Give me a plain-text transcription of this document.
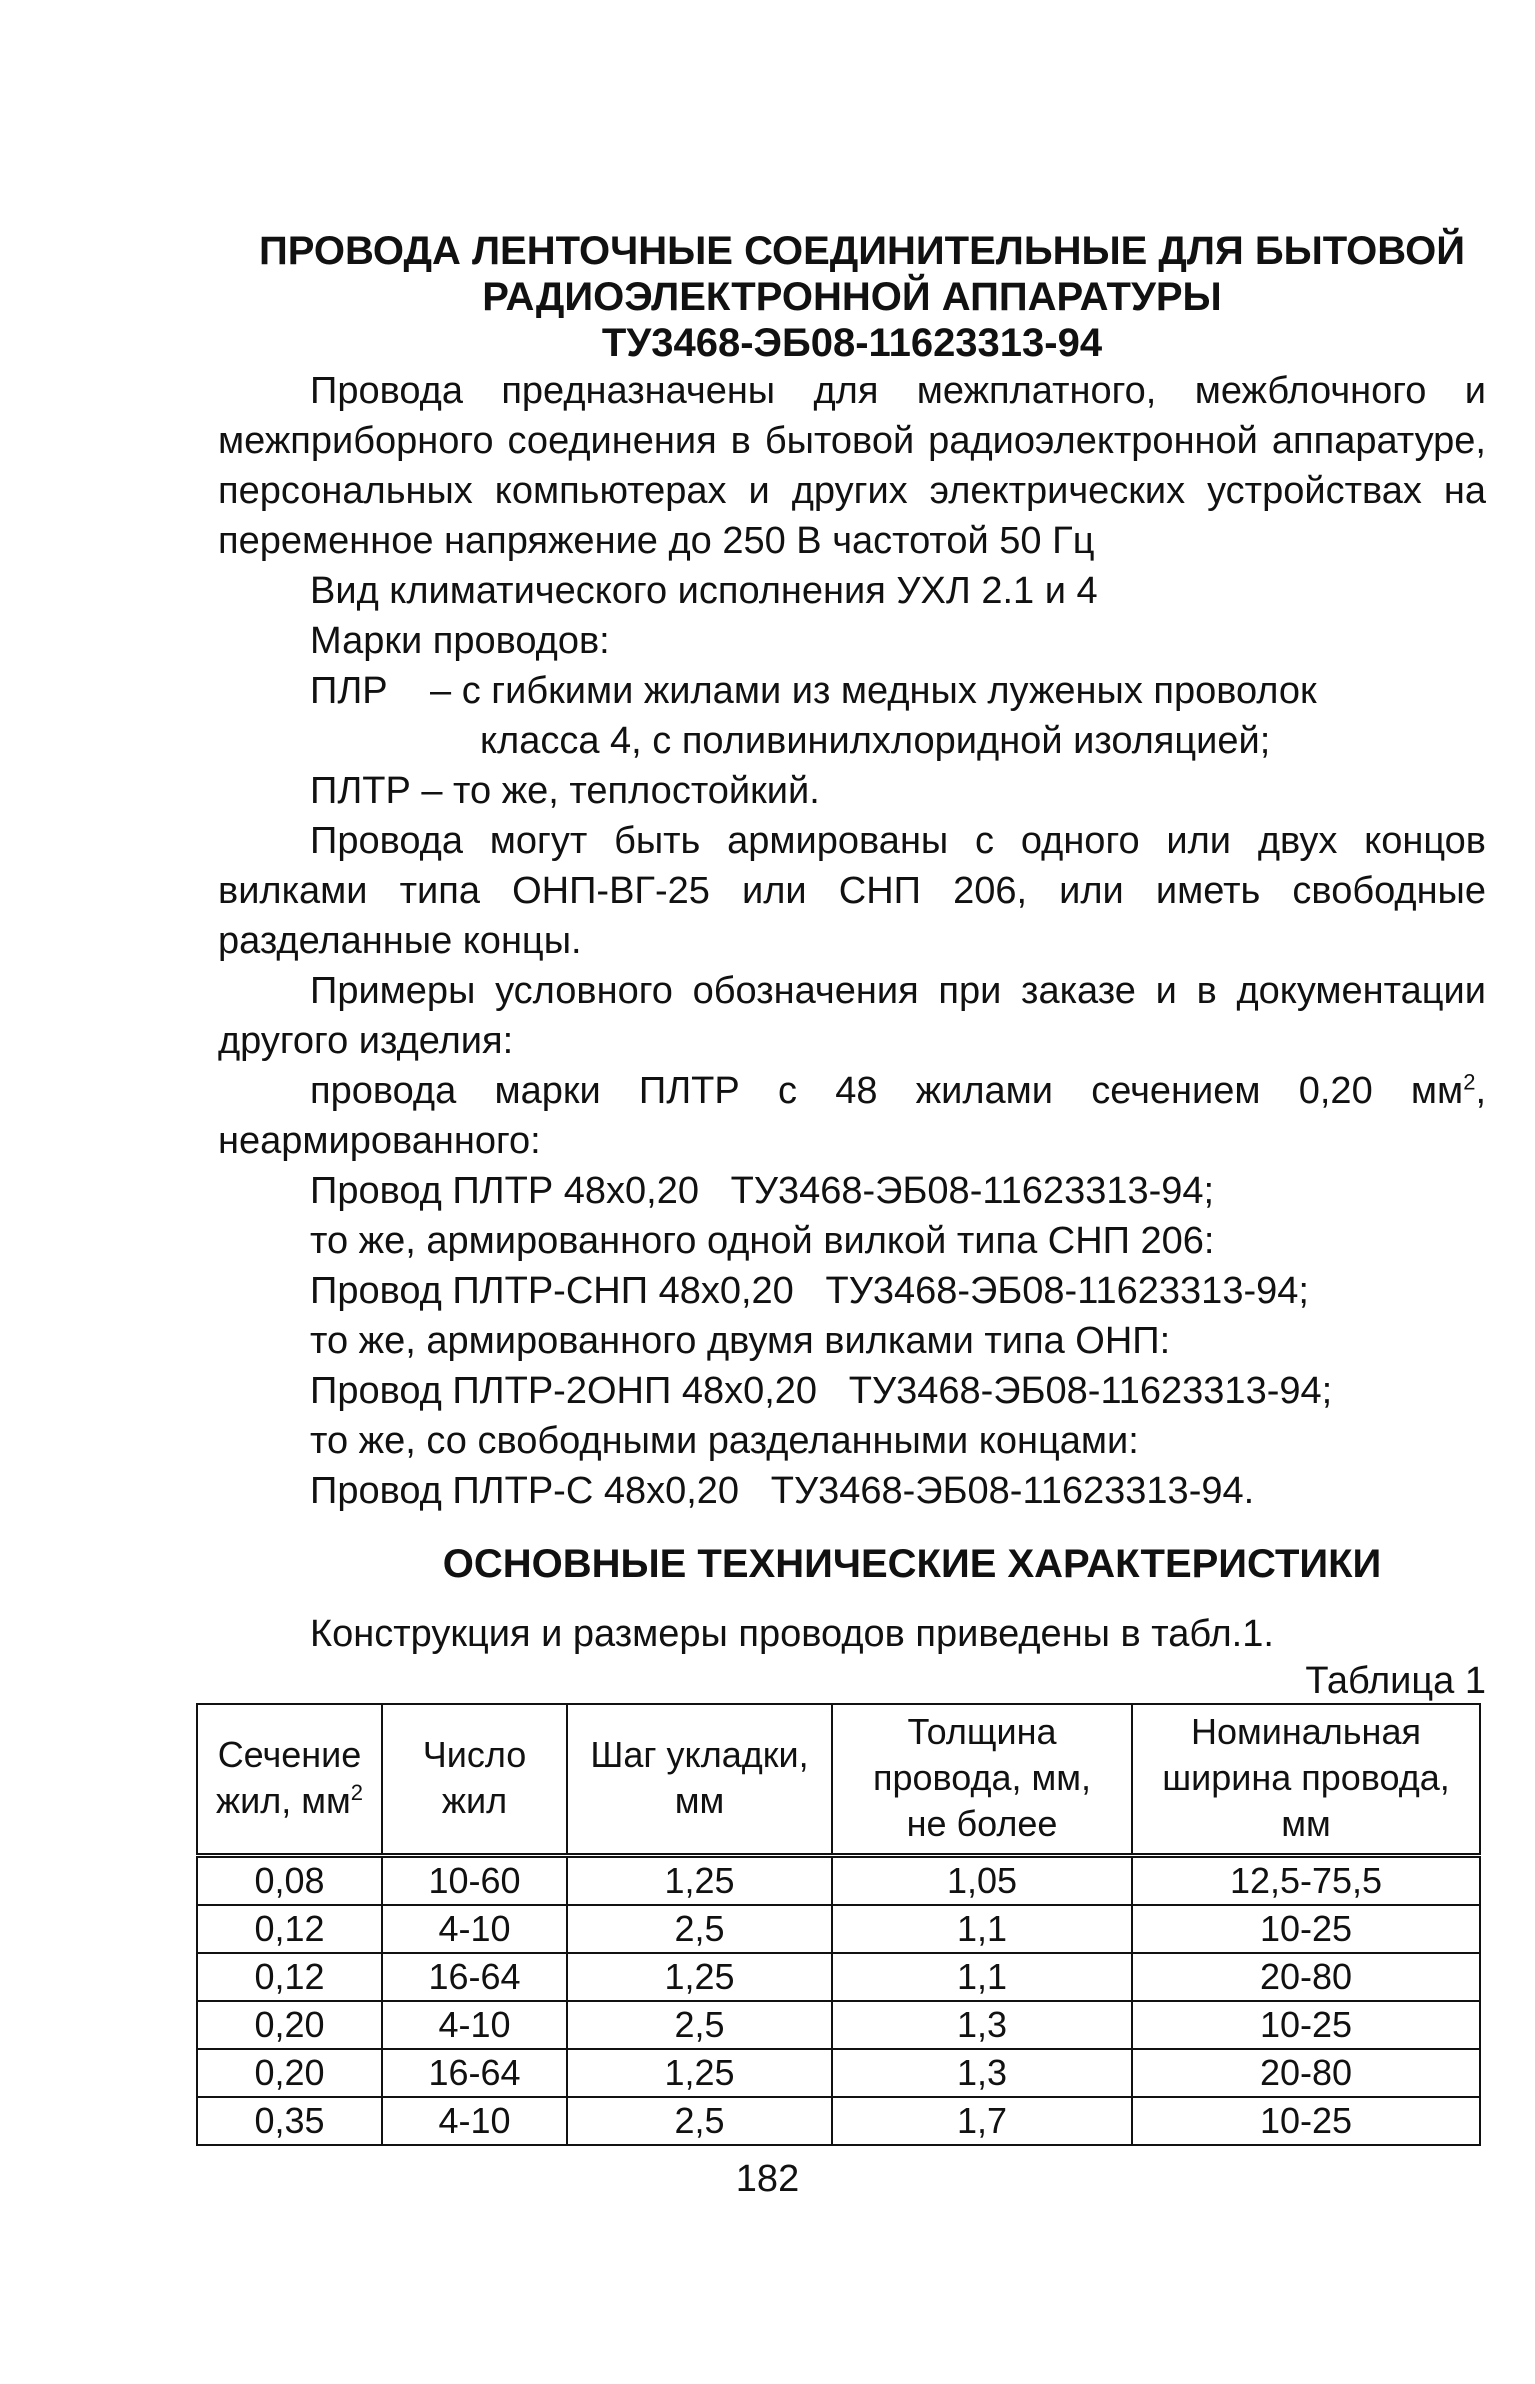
ПРОВОДА ЛЕНТОЧНЫЕ СОЕДИНИТЕЛЬНЫЕ ДЛЯ БЫТОВОЙ
РАДИОЭЛЕКТРОННОЙ АППАРАТУРЫ
ТУ3468-ЭБ08-11623313-94

Провода предназначены для межплатного, межблочного и межприборного соединения в бытовой радиоэлектронной аппаратуре, персональных компьютерах и других электрических устройствах на переменное напряжение до 250 В частотой 50 Гц

Вид климатического исполнения УХЛ 2.1 и 4

Марки проводов:

ПЛР	– с гибкими жилами из медных луженых проволок

класса 4, с поливинилхлоридной изоляцией;

ПЛТР – то же, теплостойкий.

Провода могут быть армированы с одного или двух концов вилками типа ОНП-ВГ-25 или СНП 206, или иметь свободные разделанные концы.

Примеры условного обозначения при заказе и в документации другого изделия:

провода марки ПЛТР с 48 жилами сечением 0,20 $мм^2$, неармированного:

Провод ПЛТР 48х0,20   ТУ3468-ЭБ08-11623313-94;

то же, армированного одной вилкой типа СНП 206:

Провод ПЛТР-СНП 48х0,20   ТУ3468-ЭБ08-11623313-94;

то же, армированного двумя вилками типа ОНП:

Провод ПЛТР-2ОНП 48х0,20   ТУ3468-ЭБ08-11623313-94;

то же, со свободными разделанными концами:

Провод ПЛТР-С 48х0,20   ТУ3468-ЭБ08-11623313-94.

ОСНОВНЫЕ ТЕХНИЧЕСКИЕ ХАРАКТЕРИСТИКИ

Конструкция и размеры проводов приведены в табл.1.

Таблица 1

Сечение
жил, $мм^2$	Число
жил	Шаг укладки,
мм	Толщина
провода, мм,
не более	Номинальная
ширина провода,
мм
0,08	10-60	1,25	1,05	12,5-75,5
0,12	4-10	2,5	1,1	10-25
0,12	16-64	1,25	1,1	20-80
0,20	4-10	2,5	1,3	10-25
0,20	16-64	1,25	1,3	20-80
0,35	4-10	2,5	1,7	10-25
182
